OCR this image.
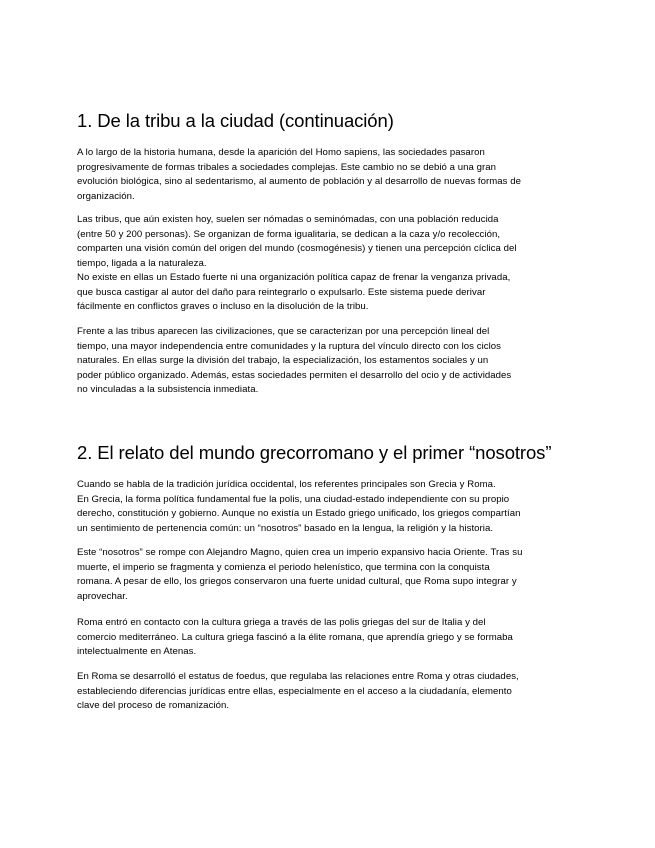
1. De la tribu a la ciudad (continuación)

A lo largo de la historia humana, desde la aparición del Homo sapiens, las sociedades pasaron
progresivamente de formas tribales a sociedades complejas. Este cambio no se debió a una gran
evolución biológica, sino al sedentarismo, al aumento de población y al desarrollo de nuevas formas de
organización.

Las tribus, que aún existen hoy, suelen ser nómadas o seminómadas, con una población reducida
(entre 50 y 200 personas). Se organizan de forma igualitaria, se dedican a la caza y/o recolección,
comparten una visión común del origen del mundo (cosmogénesis) y tienen una percepción cíclica del
tiempo, ligada a la naturaleza.
No existe en ellas un Estado fuerte ni una organización política capaz de frenar la venganza privada,
que busca castigar al autor del daño para reintegrarlo o expulsarlo. Este sistema puede derivar
fácilmente en conflictos graves o incluso en la disolución de la tribu.

Frente a las tribus aparecen las civilizaciones, que se caracterizan por una percepción lineal del
tiempo, una mayor independencia entre comunidades y la ruptura del vínculo directo con los ciclos
naturales. En ellas surge la división del trabajo, la especialización, los estamentos sociales y un
poder público organizado. Además, estas sociedades permiten el desarrollo del ocio y de actividades
no vinculadas a la subsistencia inmediata.

2. El relato del mundo grecorromano y el primer “nosotros”

Cuando se habla de la tradición jurídica occidental, los referentes principales son Grecia y Roma.
En Grecia, la forma política fundamental fue la polis, una ciudad-estado independiente con su propio
derecho, constitución y gobierno. Aunque no existía un Estado griego unificado, los griegos compartían
un sentimiento de pertenencia común: un “nosotros” basado en la lengua, la religión y la historia.

Este “nosotros” se rompe con Alejandro Magno, quien crea un imperio expansivo hacia Oriente. Tras su
muerte, el imperio se fragmenta y comienza el periodo helenístico, que termina con la conquista
romana. A pesar de ello, los griegos conservaron una fuerte unidad cultural, que Roma supo integrar y
aprovechar.

Roma entró en contacto con la cultura griega a través de las polis griegas del sur de Italia y del
comercio mediterráneo. La cultura griega fascinó a la élite romana, que aprendía griego y se formaba
intelectualmente en Atenas.

En Roma se desarrolló el estatus de foedus, que regulaba las relaciones entre Roma y otras ciudades,
estableciendo diferencias jurídicas entre ellas, especialmente en el acceso a la ciudadanía, elemento
clave del proceso de romanización.
